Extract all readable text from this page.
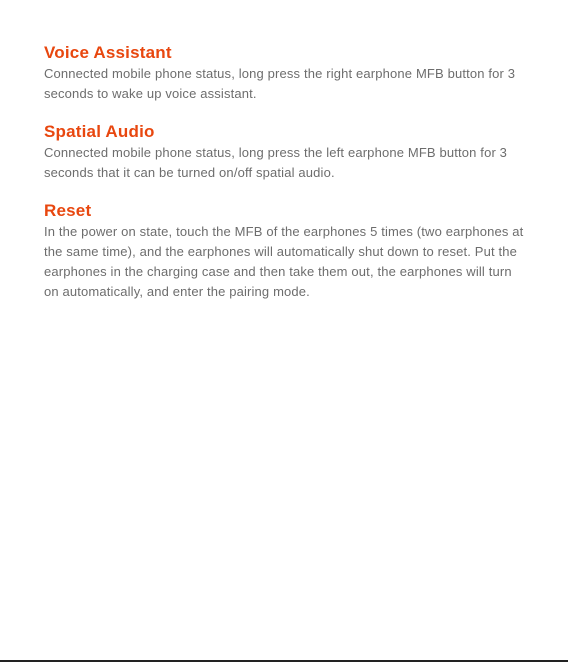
Voice Assistant

Connected mobile phone status, long press the right earphone MFB button for 3 seconds to wake up voice assistant.

Spatial Audio

Connected mobile phone status, long press the left earphone MFB button for 3 seconds that it can be turned on/off spatial audio.

Reset

In the power on state, touch the MFB of the earphones 5 times (two earphones at the same time), and the earphones will automatically shut down to reset. Put the earphones in the charging case and then take them out, the earphones will turn on automatically, and enter the pairing mode.
